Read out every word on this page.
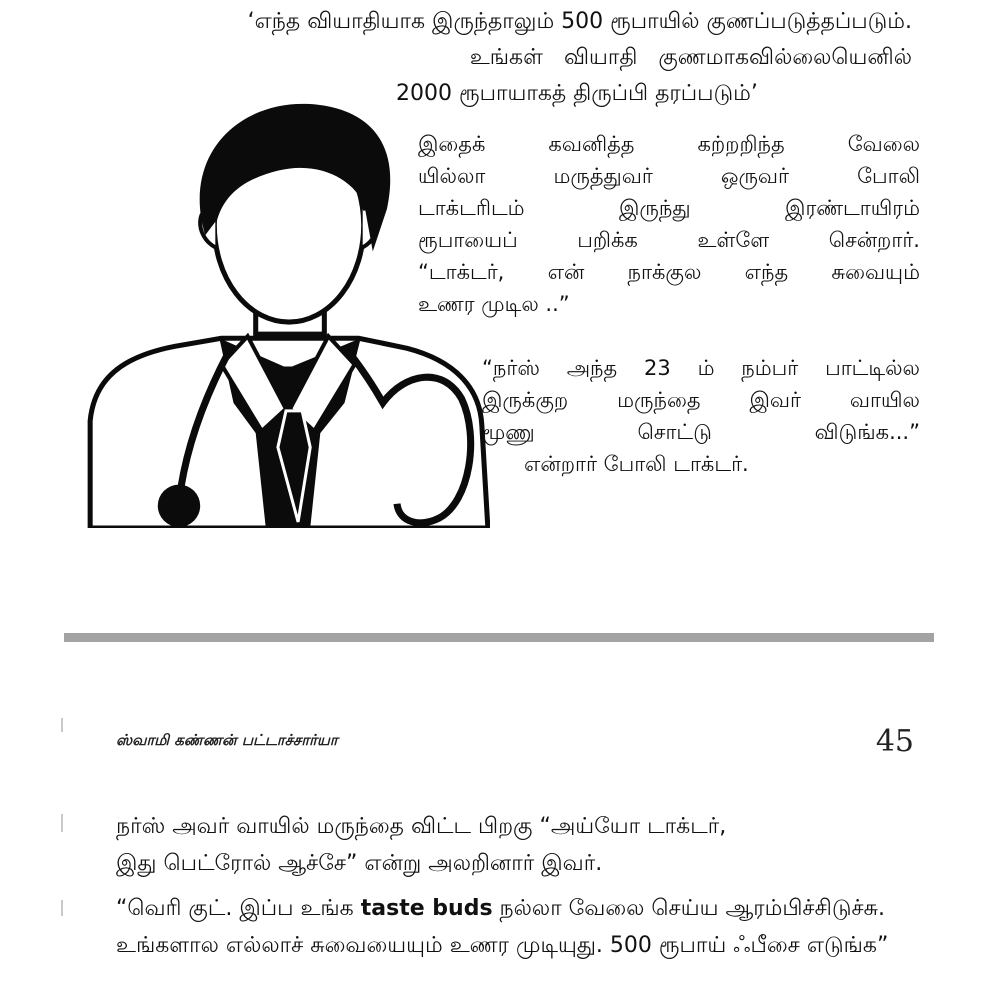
‘எந்த வியாதியாக இருந்தாலும் 500 ரூபாயில் குணப்படுத்தப்படும்.
உங்கள் வியாதி குணமாகவில்லையெனில்
2000 ரூபாயாகத் திருப்பி தரப்படும்’
இதைக்	கவனித்த	கற்றறிந்த	வேலை
யில்லா	மருத்துவர்	ஒருவர்	போலி
டாக்டரிடம்	இருந்து	இரண்டாயிரம்
ரூபாயைப்	பறிக்க	உள்ளே	சென்றார்.
“டாக்டர், என் நாக்குல எந்த சுவையும்
உணர முடில ..”
“நர்ஸ் அந்த 23 ம் நம்பர் பாட்டில்ல
இருக்குற மருந்தை இவர் வாயில
மூணு	சொட்டு	விடுங்க...”
என்றார் போலி டாக்டர்.
ஸ்வாமி கண்ணன் பட்டாச்சார்யா	45
நர்ஸ் அவர் வாயில் மருந்தை விட்ட பிறகு “அய்யோ டாக்டர்,
இது பெட்ரோல் ஆச்சே” என்று அலறினார் இவர்.
“வெரி குட். இப்ப உங்க taste buds நல்லா வேலை செய்ய ஆரம்பிச்சிடுச்சு. உங்களால எல்லாச் சுவையையும் உணர முடியுது. 500 ரூபாய் ஃபீசை எடுங்க”
